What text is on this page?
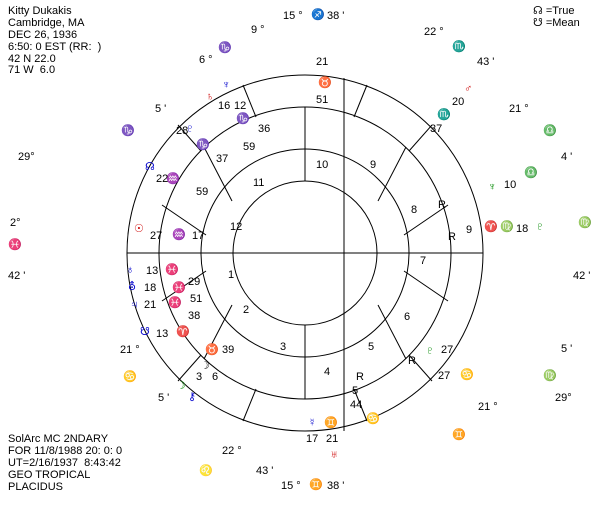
Kitty Dukakis
Cambridge, MA
DEC 26, 1936
6:50: 0 EST (RR:  )
42 N 22.0
71 W  6.0
☊ =True
☋ =Mean
SolArc MC 2NDARY
FOR 11/8/1988 20: 0: 0
UT=2/16/1937  8:43:42
GEO TROPICAL
PLACIDUS
15 ° ♐ 38 '
15 ° ♊ 38 '
2°
♓
42 '
♍
42 '
9 °
♑
6 °
22 °
♏
43 '
21 °
♎
4 '
5 '
♑
29°
21 °
♋
5 '
5 '
♍
29°
22 °
♌	43 '
♊
21 °
10	9
8
7
6
5
4
3
2
1
12
11
♉
21
51
♂
20
♏
37
♄
16
59
♆
12
♑
36
♇
28
♑
37
☊
♒
22
59
☉
27 ♒ 17
♁ 13 ♓
29
⛢ 18 ♓
51
♃ 21 ♓
38
☋ 13 ♈
♉ 39
☽
3 6
☽
⚷
☿ ♊
17 21
♅
5
44
♋
♇ 27
27 ♋
♆ 10
♎
♈
9	♍ 18 ♇
R
R
R
R
